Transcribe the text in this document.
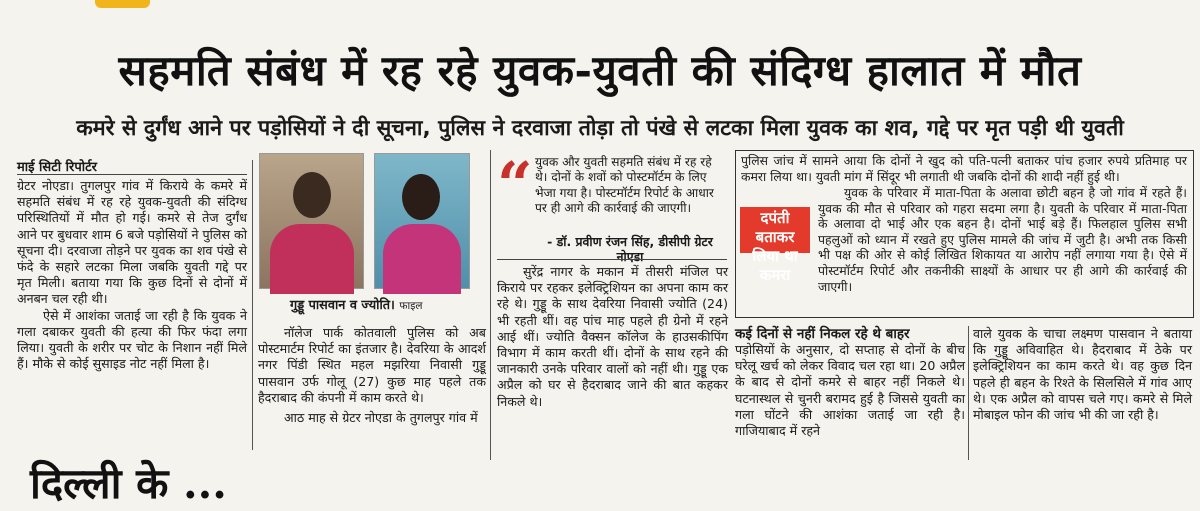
सहमति संबंध में रह रहे युवक-युवती की संदिग्ध हालात में मौत
कमरे से दुर्गंध आने पर पड़ोसियों ने दी सूचना, पुलिस ने दरवाजा तोड़ा तो पंखे से लटका मिला युवक का शव, गद्दे पर मृत पड़ी थी युवती
माई सिटी रिपोर्टर

ग्रेटर नोएडा। तुगलपुर गांव में किराये के कमरे में सहमति संबंध में रह रहे युवक-युवती की संदिग्ध परिस्थितियों में मौत हो गई। कमरे से तेज दुर्गंध आने पर बुधवार शाम 6 बजे पड़ोसियों ने पुलिस को सूचना दी। दरवाजा तोड़ने पर युवक का शव पंखे से फंदे के सहारे लटका मिला जबकि युवती गद्दे पर मृत मिली। बताया गया कि कुछ दिनों से दोनों में अनबन चल रही थी।

ऐसे में आशंका जताई जा रही है कि युवक ने गला दबाकर युवती की हत्या की फिर फंदा लगा लिया। युवती के शरीर पर चोट के निशान नहीं मिले हैं। मौके से कोई सुसाइड नोट नहीं मिला है।

गुड्डू पासवान व ज्योति। फाइल

नॉलेज पार्क कोतवाली पुलिस को अब पोस्टमार्टम रिपोर्ट का इंतजार है। देवरिया के आदर्श नगर पिंडी स्थित महल मझरिया निवासी गुड्डू पासवान उर्फ गोलू (27) कुछ माह पहले तक हैदराबाद की कंपनी में काम करते थे।

आठ माह से ग्रेटर नोएडा के तुगलपुर गांव में

“ युवक और युवती सहमति संबंध में रह रहे थे। दोनों के शवों को पोस्टमॉर्टम के लिए भेजा गया है। पोस्टमॉर्टम रिपोर्ट के आधार पर ही आगे की कार्रवाई की जाएगी।
- डॉ. प्रवीण रंजन सिंह, डीसीपी ग्रेटर नोएडा

सुरेंद्र नागर के मकान में तीसरी मंजिल पर किराये पर रहकर इलेक्ट्रिशियन का अपना काम कर रहे थे। गुड्डू के साथ देवरिया निवासी ज्योति (24) भी रहती थीं। वह पांच माह पहले ही ग्रेनो में रहने आई थीं। ज्योति वैक्सन कॉलेज के हाउसकीपिंग विभाग में काम करती थीं। दोनों के साथ रहने की जानकारी उनके परिवार वालों को नहीं थी। गुड्डू एक अप्रैल को घर से हैदराबाद जाने की बात कहकर निकले थे।

पुलिस जांच में सामने आया कि दोनों ने खुद को पति-पत्नी बताकर पांच हजार रुपये प्रतिमाह पर कमरा लिया था। युवती मांग में सिंदूर भी लगाती थी जबकि दोनों की शादी नहीं हुई थी।

युवक के परिवार में माता-पिता के अलावा छोटी बहन है जो गांव में रहते हैं। युवक की मौत से परिवार को गहरा सदमा लगा है। युवती के परिवार में माता-पिता के अलावा दो भाई और एक बहन है। दोनों भाई बड़े हैं। फिलहाल पुलिस सभी पहलुओं को ध्यान में रखते हुए पुलिस मामले की जांच में जुटी है। अभी तक किसी भी पक्ष की ओर से कोई लिखित शिकायत या आरोप नहीं लगाया गया है। ऐसे में पोस्टमॉर्टम रिपोर्ट और तकनीकी साक्ष्यों के आधार पर ही आगे की कार्रवाई की जाएगी।

दपंती बताकर लिया था कमरा
कई दिनों से नहीं निकल रहे थे बाहर

पड़ोसियों के अनुसार, दो सप्ताह से दोनों के बीच घरेलू खर्च को लेकर विवाद चल रहा था। 20 अप्रैल के बाद से दोनों कमरे से बाहर नहीं निकले थे। घटनास्थल से चुनरी बरामद हुई है जिससे युवती का गला घोंटने की आशंका जताई जा रही है। गाजियाबाद में रहने

वाले युवक के चाचा लक्ष्मण पासवान ने बताया कि गुड्डू अविवाहित थे। हैदराबाद में ठेके पर इलेक्ट्रिशियन का काम करते थे। वह कुछ दिन पहले ही बहन के रिश्ते के सिलसिले में गांव आए थे। एक अप्रैल को वापस चले गए। कमरे से मिले मोबाइल फोन की जांच भी की जा रही है।

दिल्ली के ...
